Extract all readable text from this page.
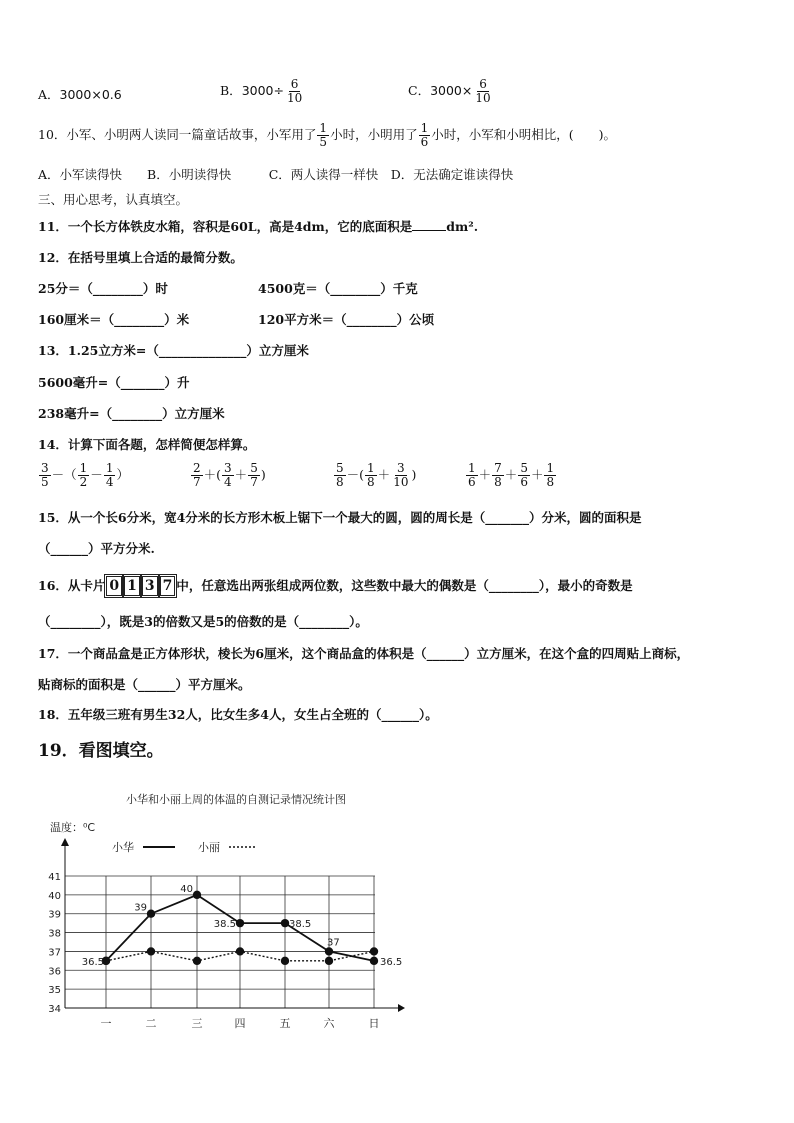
A．3000×0.6	B．$3000\div \frac{6}{10}$	C．$3000\times \frac{6}{10}$
10．小军、小明两人读同一篇童话故事，小军用了 $\frac{1}{5}$ 小时，小明用了 $\frac{1}{6}$ 小时，小军和小明相比，(　　)。
A．小军读得快　　B．小明读得快　　　C．两人读得一样快　D．无法确定谁读得快
三、用心思考，认真填空。
11．一个长方体铁皮水箱，容积是60L，高是4dm，它的底面积是	dm².
12．在括号里填上合适的最简分数。
25分＝（________）时	4500克＝（________）千克
160厘米＝（________）米	120平方米＝（________）公顷
13．1.25立方米=（______________）立方厘米
5600毫升=（_______）升
238毫升=（________）立方厘米
14．计算下面各题，怎样简便怎样算。
$\frac{3}{5}$ －（ $\frac{1}{2} - \frac{1}{4}$ ）	$\frac{2}{7}$ ＋( $\frac{3}{4} + \frac{5}{7}$ )	$\frac{5}{8}$ －( $\frac{1}{8} + \frac{3}{10}$ )	$\frac{1}{6} + \frac{7}{8} + \frac{5}{6} + \frac{1}{8}$
15．从一个长6分米，宽4分米的长方形木板上锯下一个最大的圆，圆的周长是（_______）分米，圆的面积是
（______）平方分米.
16．从卡片 0 1 3 7 中，任意选出两张组成两位数，这些数中最大的偶数是（________），最小的奇数是
（________），既是3的倍数又是5的倍数的是（________）。
17．一个商品盒是正方体形状，棱长为6厘米，这个商品盒的体积是（______）立方厘米，在这个盒的四周贴上商标，
贴商标的面积是（______）平方厘米。
18．五年级三班有男生32人，比女生多4人，女生占全班的（______）。
19．看图填空。
小华和小丽上周的体温的自测记录情况统计图
温度：⁰C
小华	小丽
34
35
36
37
38
39
40
41
一	二	三	四	五	六	日
36.5
39
40
38.5	38.5
37
36.5
